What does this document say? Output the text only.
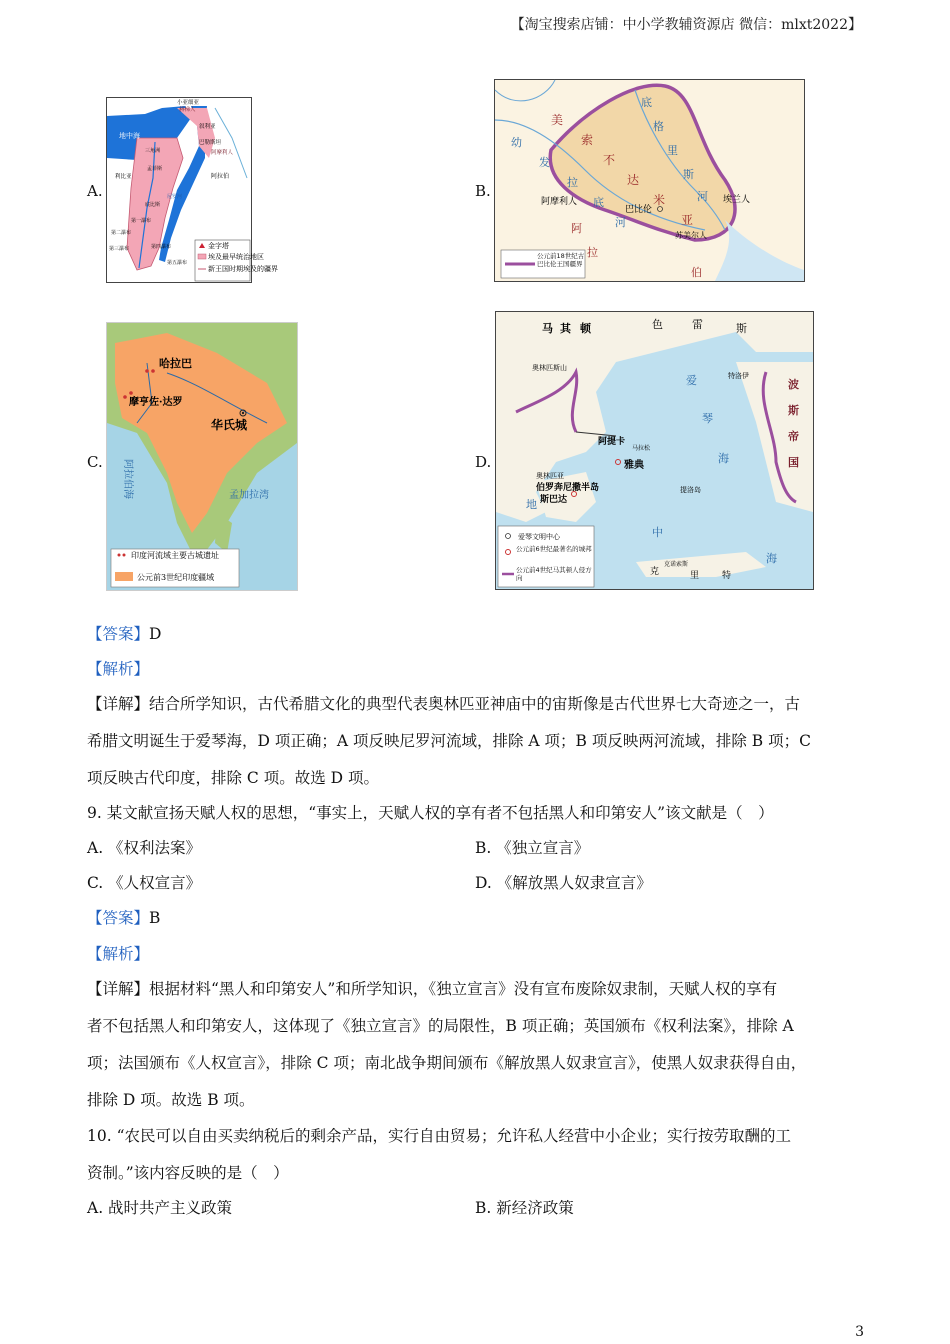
【淘宝搜索店铺：中小学教辅资源店 微信：mlxt2022】
A.
小亚细亚
赫梯人
地中海
叙利亚
巴勒斯坦
阿摩利人
三角洲
孟菲斯
尼罗河
阿拉伯
底比斯
第一瀑布
第二瀑布
第三瀑布	第四瀑布
第五瀑布
利比亚
金字塔
埃及最早统治地区
新王国时期埃及的疆界
B.
美
索
不
达
米
亚
底
格
里
斯
河
幼
发
拉
底
河
阿摩利人
巴比伦
苏美尔人
埃兰人
阿
拉
伯
公元前18世纪古巴比伦王国疆界
C.
哈拉巴
摩亨佐·达罗
华氏城
阿拉伯海	孟加拉湾
印度河流域主要古城遗址
公元前3世纪印度疆域
D.
马 其 顿	色	雷	斯
奥林匹斯山
特洛伊
爱
琴
海
波
斯
帝
国
阿提卡
马拉松
雅典
奥林匹亚
伯罗奔尼撒半岛
斯巴达
提洛岛
地
中
海
克	里	特
克诺索斯
爱琴文明中心
公元前6世纪最著名的城邦
公元前4世纪马其顿人侵方向
【答案】D
【解析】
【详解】结合所学知识，古代希腊文化的典型代表奥林匹亚神庙中的宙斯像是古代世界七大奇迹之一，古
希腊文明诞生于爱琴海，D 项正确；A 项反映尼罗河流域，排除 A 项；B 项反映两河流域，排除 B 项；C
项反映古代印度，排除 C 项。故选 D 项。
9. 某文献宣扬天赋人权的思想，“事实上，天赋人权的享有者不包括黑人和印第安人”该文献是（　）
A. 《权利法案》	B. 《独立宣言》
C. 《人权宣言》	D. 《解放黑人奴隶宣言》
【答案】B
【解析】
【详解】根据材料“黑人和印第安人”和所学知识，《独立宣言》没有宣布废除奴隶制，天赋人权的享有
者不包括黑人和印第安人，这体现了《独立宣言》的局限性，B 项正确；英国颁布《权利法案》，排除 A
项；法国颁布《人权宣言》，排除 C 项；南北战争期间颁布《解放黑人奴隶宣言》，使黑人奴隶获得自由，
排除 D 项。故选 B 项。
10. “农民可以自由买卖纳税后的剩余产品，实行自由贸易；允许私人经营中小企业；实行按劳取酬的工
资制。”该内容反映的是（　）
A. 战时共产主义政策	B. 新经济政策
3
